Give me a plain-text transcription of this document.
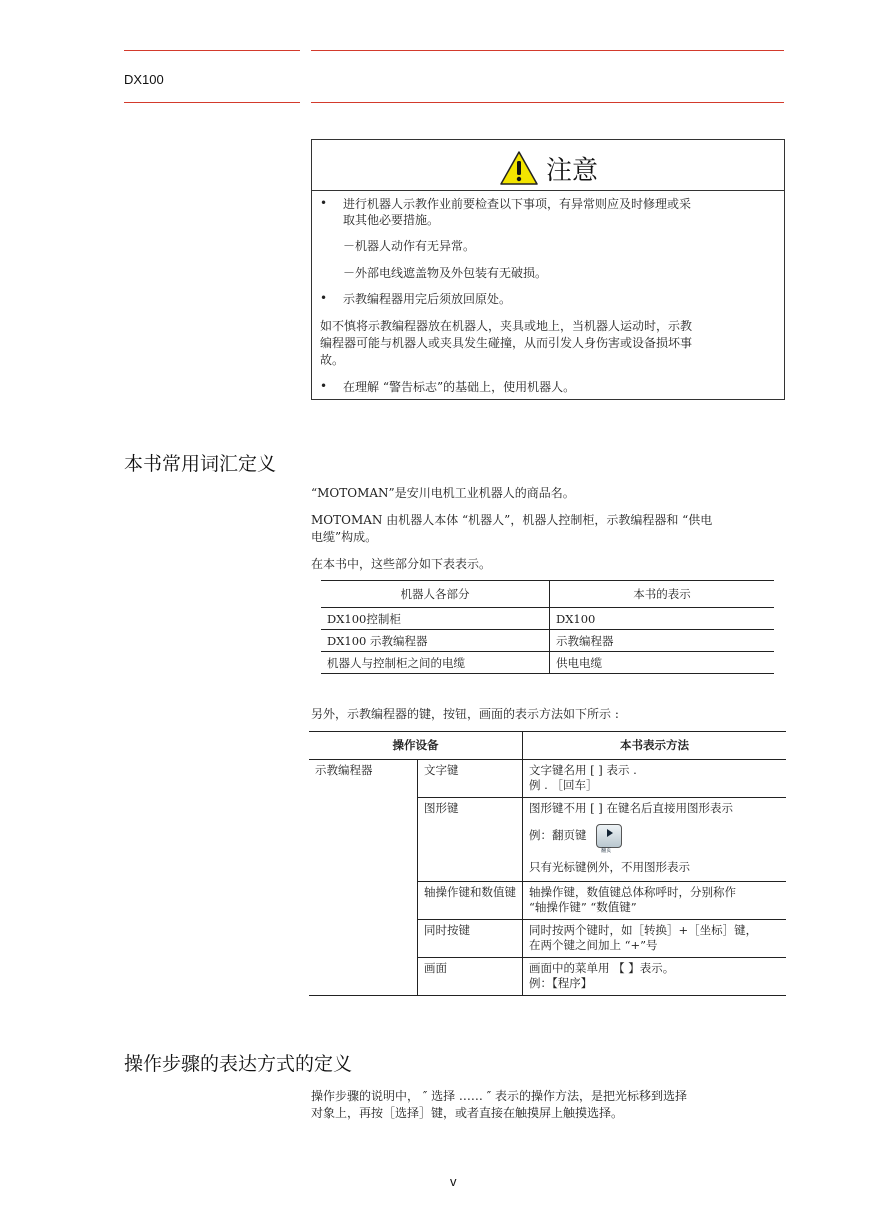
DX100
注意
• 进行机器人示教作业前要检查以下事项，有异常则应及时修理或采
取其他必要措施。
－机器人动作有无异常。
－外部电线遮盖物及外包装有无破损。
• 示教编程器用完后须放回原处。
如不慎将示教编程器放在机器人，夹具或地上，当机器人运动时，示教
编程器可能与机器人或夹具发生碰撞，从而引发人身伤害或设备损坏事
故。
• 在理解 “警告标志”的基础上，使用机器人。
本书常用词汇定义
“MOTOMAN”是安川电机工业机器人的商品名。
MOTOMAN 由机器人本体 “机器人”，机器人控制柜，示教编程器和 “供电
电缆”构成。
在本书中，这些部分如下表表示。
机器人各部分	本书的表示
DX100控制柜	DX100
DX100 示教编程器	示教编程器
机器人与控制柜之间的电缆	供电电缆
另外，示教编程器的键，按钮，画面的表示方法如下所示 :
操作设备		本书表示方法
示教编程器	文字键	文字键名用 [ ] 表示 .
例 . ［回车］

	图形键	图形键不用 [ ] 在键名后直接用图形表示
例：翻页键
翻页
只有光标键例外，不用图形表示

	轴操作键和数值键	轴操作键，数值键总体称呼时，分别称作
“轴操作键” “数值键”

	同时按键	同时按两个键时，如［转换］+［坐标］键，
在两个键之间加上 “+”号

	画面	画面中的菜单用 【 】表示。
例：【程序】
操作步骤的表达方式的定义
操作步骤的说明中， ″ 选择 …… ″ 表示的操作方法，是把光标移到选择
对象上，再按［选择］键，或者直接在触摸屏上触摸选择。
v
